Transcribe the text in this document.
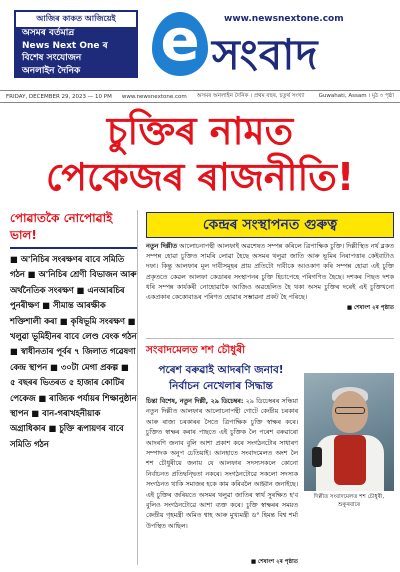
আজিৰ কাকত আজিয়েই
অসমৰ বৰ্তমান্ৰ
News Next One ৰ
বিশেষ সংযোজন
অনলাইন দৈনিক	e	www.newsnextone.com
সংবাদ
FRIDAY, DECEMBER 29, 2023 — 10 PM www.newsnextone.com অসমৰ অনলাইন দৈনিক । প্ৰথম বছৰ, চতুৰ্থ সংখ্যা	Guwahati, Assam । মুঠ ৩ পৃষ্ঠা
চুক্তিৰ নামত
পেকেজৰ ৰাজনীতি!
পোৱাতকৈ নোপোৱাই ভাল!
■ অ'নিচিৰ সংৰক্ষণৰ বাবে সমিতি গঠন ■ অ'নিচিৰ শ্ৰেণী বিভাজন আৰু অৰ্থনৈতিক সংৰক্ষণ ■ এনআৰচিৰ পুনৰীক্ষণ ■ সীমান্ত আৰক্ষীক শক্তিশালী কৰা ■ কৃষিভূমি সংৰক্ষণ ■ খলুৱা ভূমিহীনৰ বাবে লেণ্ড বেংক গঠন ■ স্বাধীনতাৰ পূৰ্বৰ ৭ জিলাত গৱেষণা কেন্দ্ৰ স্থাপন ■ ৩০টা মেগা প্ৰকল্প ■ ৫ বছৰৰ ভিতৰত ৫ হাজাৰ কোটিৰ পেকেজ ■ ৰাজ্যিক পৰ্যায়ৰ শিক্ষানুষ্ঠান স্থাপন ■ বান-গৰাখহনীয়াক অগ্ৰাধিকাৰ ■ চুক্তি ৰূপায়ণৰ বাবে সমিতি গঠন
কেন্দ্ৰৰ সংস্থাপনত গুৰুত্ব
নতুন দিল্লীত আলোচনাপন্থী আলফাই অৱশেষত সম্পন্ন কৰিলে ত্ৰিপাক্ষিক চুক্তি। দিল্লীস্থিত নৰ্থ ব্লকত সম্পন্ন হোৱা চুক্তিত সামৰি লোৱা হৈছে অসমৰ থলুৱা জাতি আৰু ভূমিৰ নিৰাপত্তাৰ কেইবাটাও দফা। কিন্তু আলফাৰ মূল দাবীসমূহৰ প্ৰায় প্ৰতিটো দাবীকে আওকাণ কৰি সম্পন্ন হোৱা এই চুক্তি প্ৰকৃততে কেৱল আলফা কেডাৰৰ সংস্থাপনৰ চুক্তি হিচাপেহে পৰিগণিত হৈছে। দশকৰ পিছত দশক ধৰি সম্পন্ন কাৰ্যকৰী নোহোৱাকৈ আজিও অৱহেলিত হৈ থকা অসম চুক্তিৰ দৰেই এই চুক্তিখনো একপ্ৰকাৰ কেকোবাঙৰ পৰিণত হোৱাৰ সম্ভাৱনা প্ৰকট হৈ পৰিছে।
■ শেষাংশ ২ৰ পৃষ্ঠাত
সংবাদমেলত শশ চৌধুৰী
পৰেশ বৰুৱাই আদৰণি জনাব! নিৰ্বাচন নেখেলাৰ সিদ্ধান্ত
চিন্তা বিশেষ, নতুন দিল্লী, ২৯ ডিচেম্বৰ: ২৯ ডিচেম্বৰৰ সন্ধিয়া নতুন দিল্লীত আলফাৰ আলোচনাপন্থী গোটে কেন্দ্ৰীয় চৰকাৰ আৰু ৰাজ্য চৰকাৰৰ সৈতে ত্ৰিপাক্ষিক চুক্তি স্বাক্ষৰ কৰে। চুক্তিত স্বাক্ষৰ কৰাৰ পাছতে এই চুক্তিক লৈ পৰেশ বৰুৱাৰো আদৰণি জনাব বুলি আশা প্ৰকাশ কৰে সংগঠনটোৰ সাধাৰণ সম্পাদক অনুপ চেতিয়াই। আনহাতে সংবাদমেলত অংশ লৈ শশ চৌধুৰীয়ে জনায় যে আলফাৰ সদস্যসকলে কোনো নিৰ্বাচনত প্ৰতিদ্বন্দ্বিতা নকৰে। সংগঠনটোৱে সকলো সদস্যক সংগঠনত থাকি সমাজৰ হকে কাম কৰিবলৈ আহ্বান জনাইছে। এই চুক্তিৰ জৰিয়তে অসমৰ থলুৱা জাতিৰ স্বাৰ্থ সুৰক্ষিত হ'ব বুলিও সংগঠনটোৱে আশা ব্যক্ত কৰে। চুক্তি স্বাক্ষৰৰ সময়ত কেন্দ্ৰীয় গৃহমন্ত্ৰী অমিত শ্বাহ আৰু মুখ্যমন্ত্ৰী ড° হিমন্ত বিশ্ব শৰ্মা উপস্থিত আছিল।
দিল্লীত সংবাদমেলত শশ চৌধুৰী, শুকুৰবাৰে
■ শেষাংশ ২ৰ পৃষ্ঠাত
